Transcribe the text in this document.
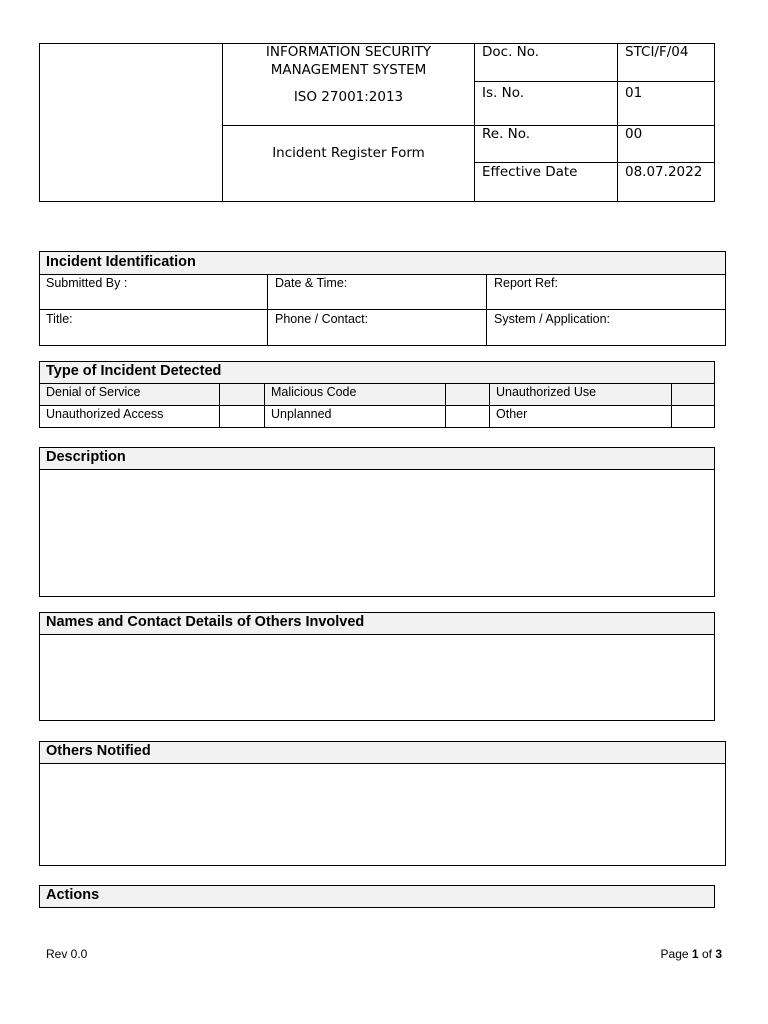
INFORMATION SECURITY
MANAGEMENT SYSTEM
ISO 27001:2013
Incident Register Form
Doc. No.	STCI/F/04
Is. No.	01
Re. No.	00
Effective Date	08.07.2022
Incident Identification
Submitted By :	Date & Time:	Report Ref:
Title:	Phone / Contact:	System / Application:
Type of Incident Detected
Denial of Service	Malicious Code	Unauthorized Use
Unauthorized Access	Unplanned	Other
Description
Names and Contact Details of Others Involved
Others Notified
Actions
Rev 0.0	Page 1 of 3
